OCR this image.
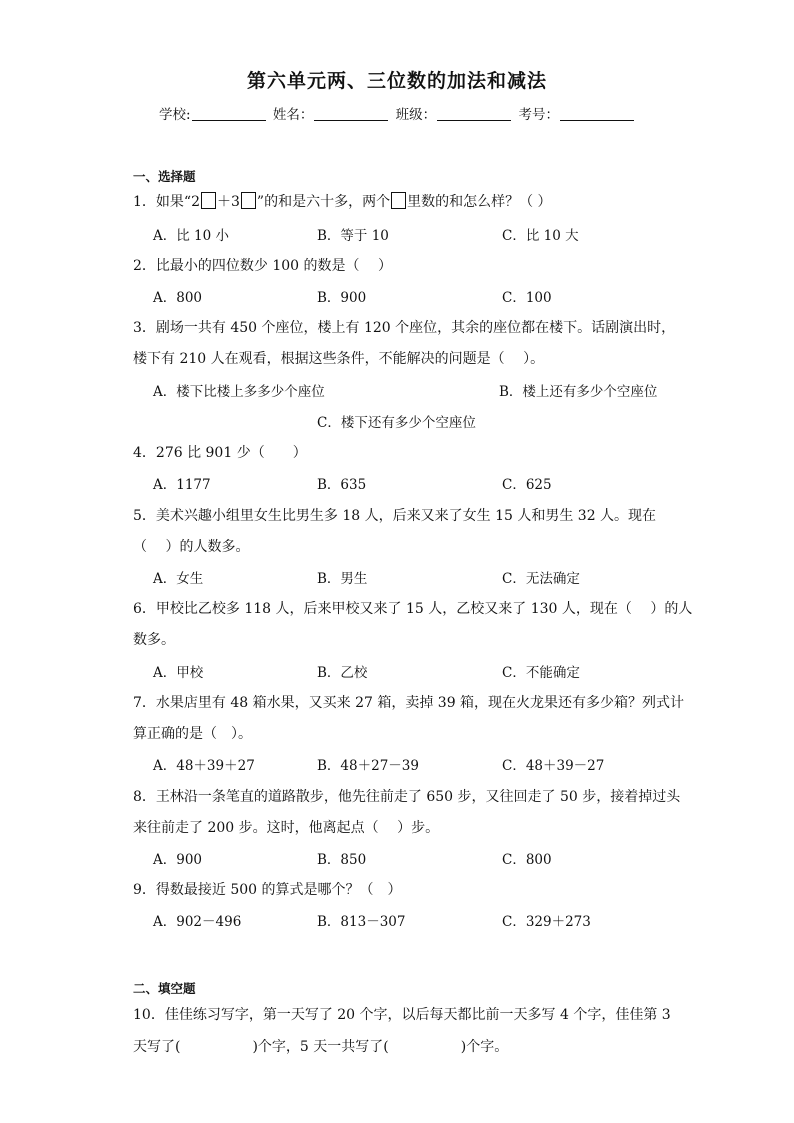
第六单元两、三位数的加法和减法
学校:	姓名：	班级：	考号：
一、选择题
1．如果“2 ＋3 ”的和是六十多，两个 里数的和怎么样？（ ）
A．比 10 小	B．等于 10	C．比 10 大
2．比最小的四位数少 100 的数是（　 ）
A．800	B．900	C．100
3．剧场一共有 450 个座位，楼上有 120 个座位，其余的座位都在楼下。话剧演出时，
楼下有 210 人在观看，根据这些条件，不能解决的问题是（　 ）。
A．楼下比楼上多多少个座位	B．楼上还有多少个空座位
C．楼下还有多少个空座位
4．276 比 901 少（　　）
A．1177	B．635	C．625
5．美术兴趣小组里女生比男生多 18 人，后来又来了女生 15 人和男生 32 人。现在
（　 ）的人数多。
A．女生	B．男生	C．无法确定
6．甲校比乙校多 118 人，后来甲校又来了 15 人，乙校又来了 130 人，现在（　 ）的人
数多。
A．甲校	B．乙校	C．不能确定
7．水果店里有 48 箱水果，又买来 27 箱，卖掉 39 箱，现在火龙果还有多少箱？列式计
算正确的是（　）。
A．48＋39＋27	B．48＋27－39	C．48＋39－27
8．王林沿一条笔直的道路散步，他先往前走了 650 步，又往回走了 50 步，接着掉过头
来往前走了 200 步。这时，他离起点（　 ）步。
A．900	B．850	C．800
9．得数最接近 500 的算式是哪个？（　）
A．902－496	B．813－307	C．329＋273
二、填空题
10．佳佳练习写字，第一天写了 20 个字，以后每天都比前一天多写 4 个字，佳佳第 3
天写了(	)个字，5 天一共写了(	)个字。
